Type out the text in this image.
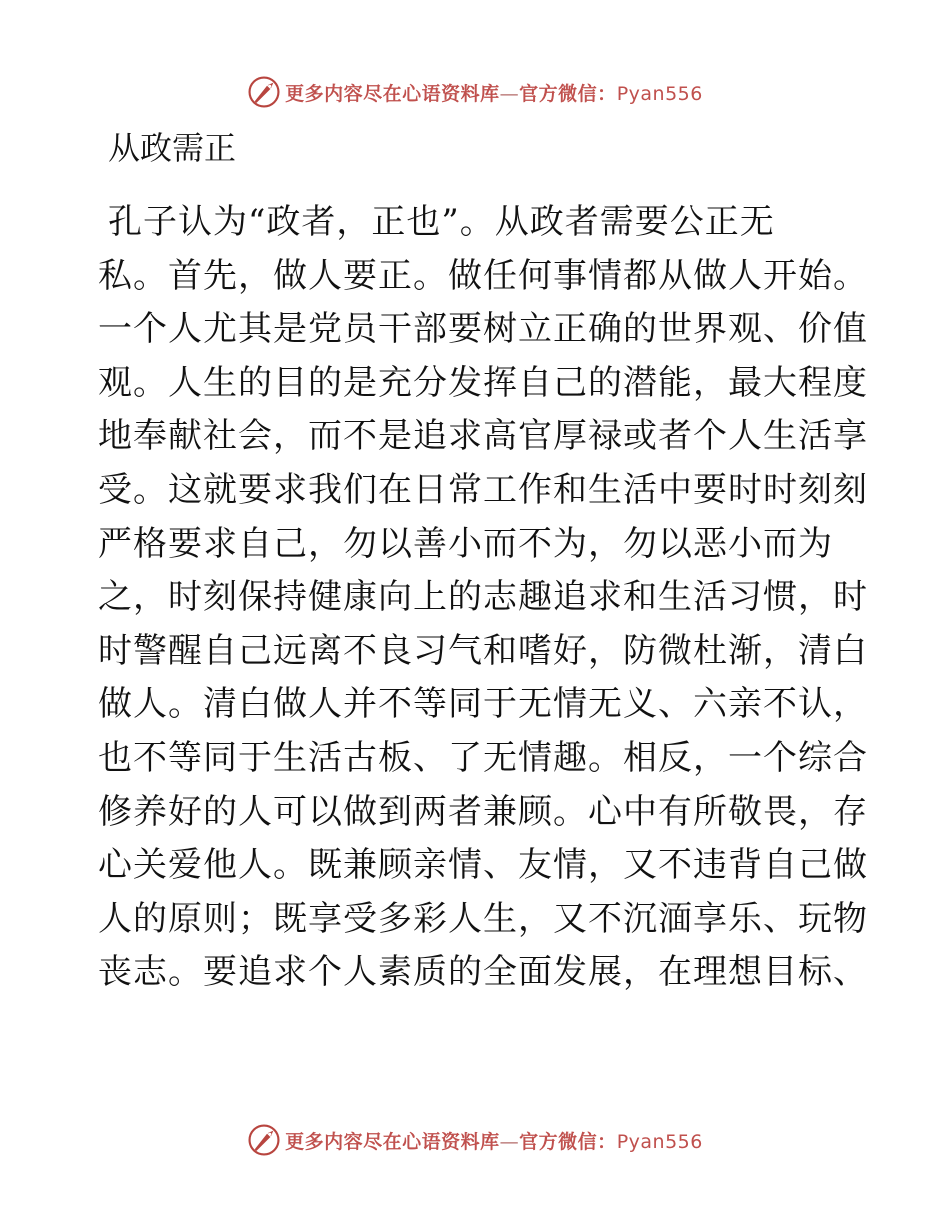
更多内容尽在心语资料库—官方微信：Pyan556
从政需正
孔子认为“政者，正也”。从政者需要公正无
私。首先，做人要正。做任何事情都从做人开始。
一个人尤其是党员干部要树立正确的世界观、价值
观。人生的目的是充分发挥自己的潜能，最大程度
地奉献社会，而不是追求高官厚禄或者个人生活享
受。这就要求我们在日常工作和生活中要时时刻刻
严格要求自己，勿以善小而不为，勿以恶小而为
之，时刻保持健康向上的志趣追求和生活习惯，时
时警醒自己远离不良习气和嗜好，防微杜渐，清白
做人。清白做人并不等同于无情无义、六亲不认，
也不等同于生活古板、了无情趣。相反，一个综合
修养好的人可以做到两者兼顾。心中有所敬畏，存
心关爱他人。既兼顾亲情、友情，又不违背自己做
人的原则；既享受多彩人生，又不沉湎享乐、玩物
丧志。要追求个人素质的全面发展，在理想目标、
更多内容尽在心语资料库—官方微信：Pyan556
